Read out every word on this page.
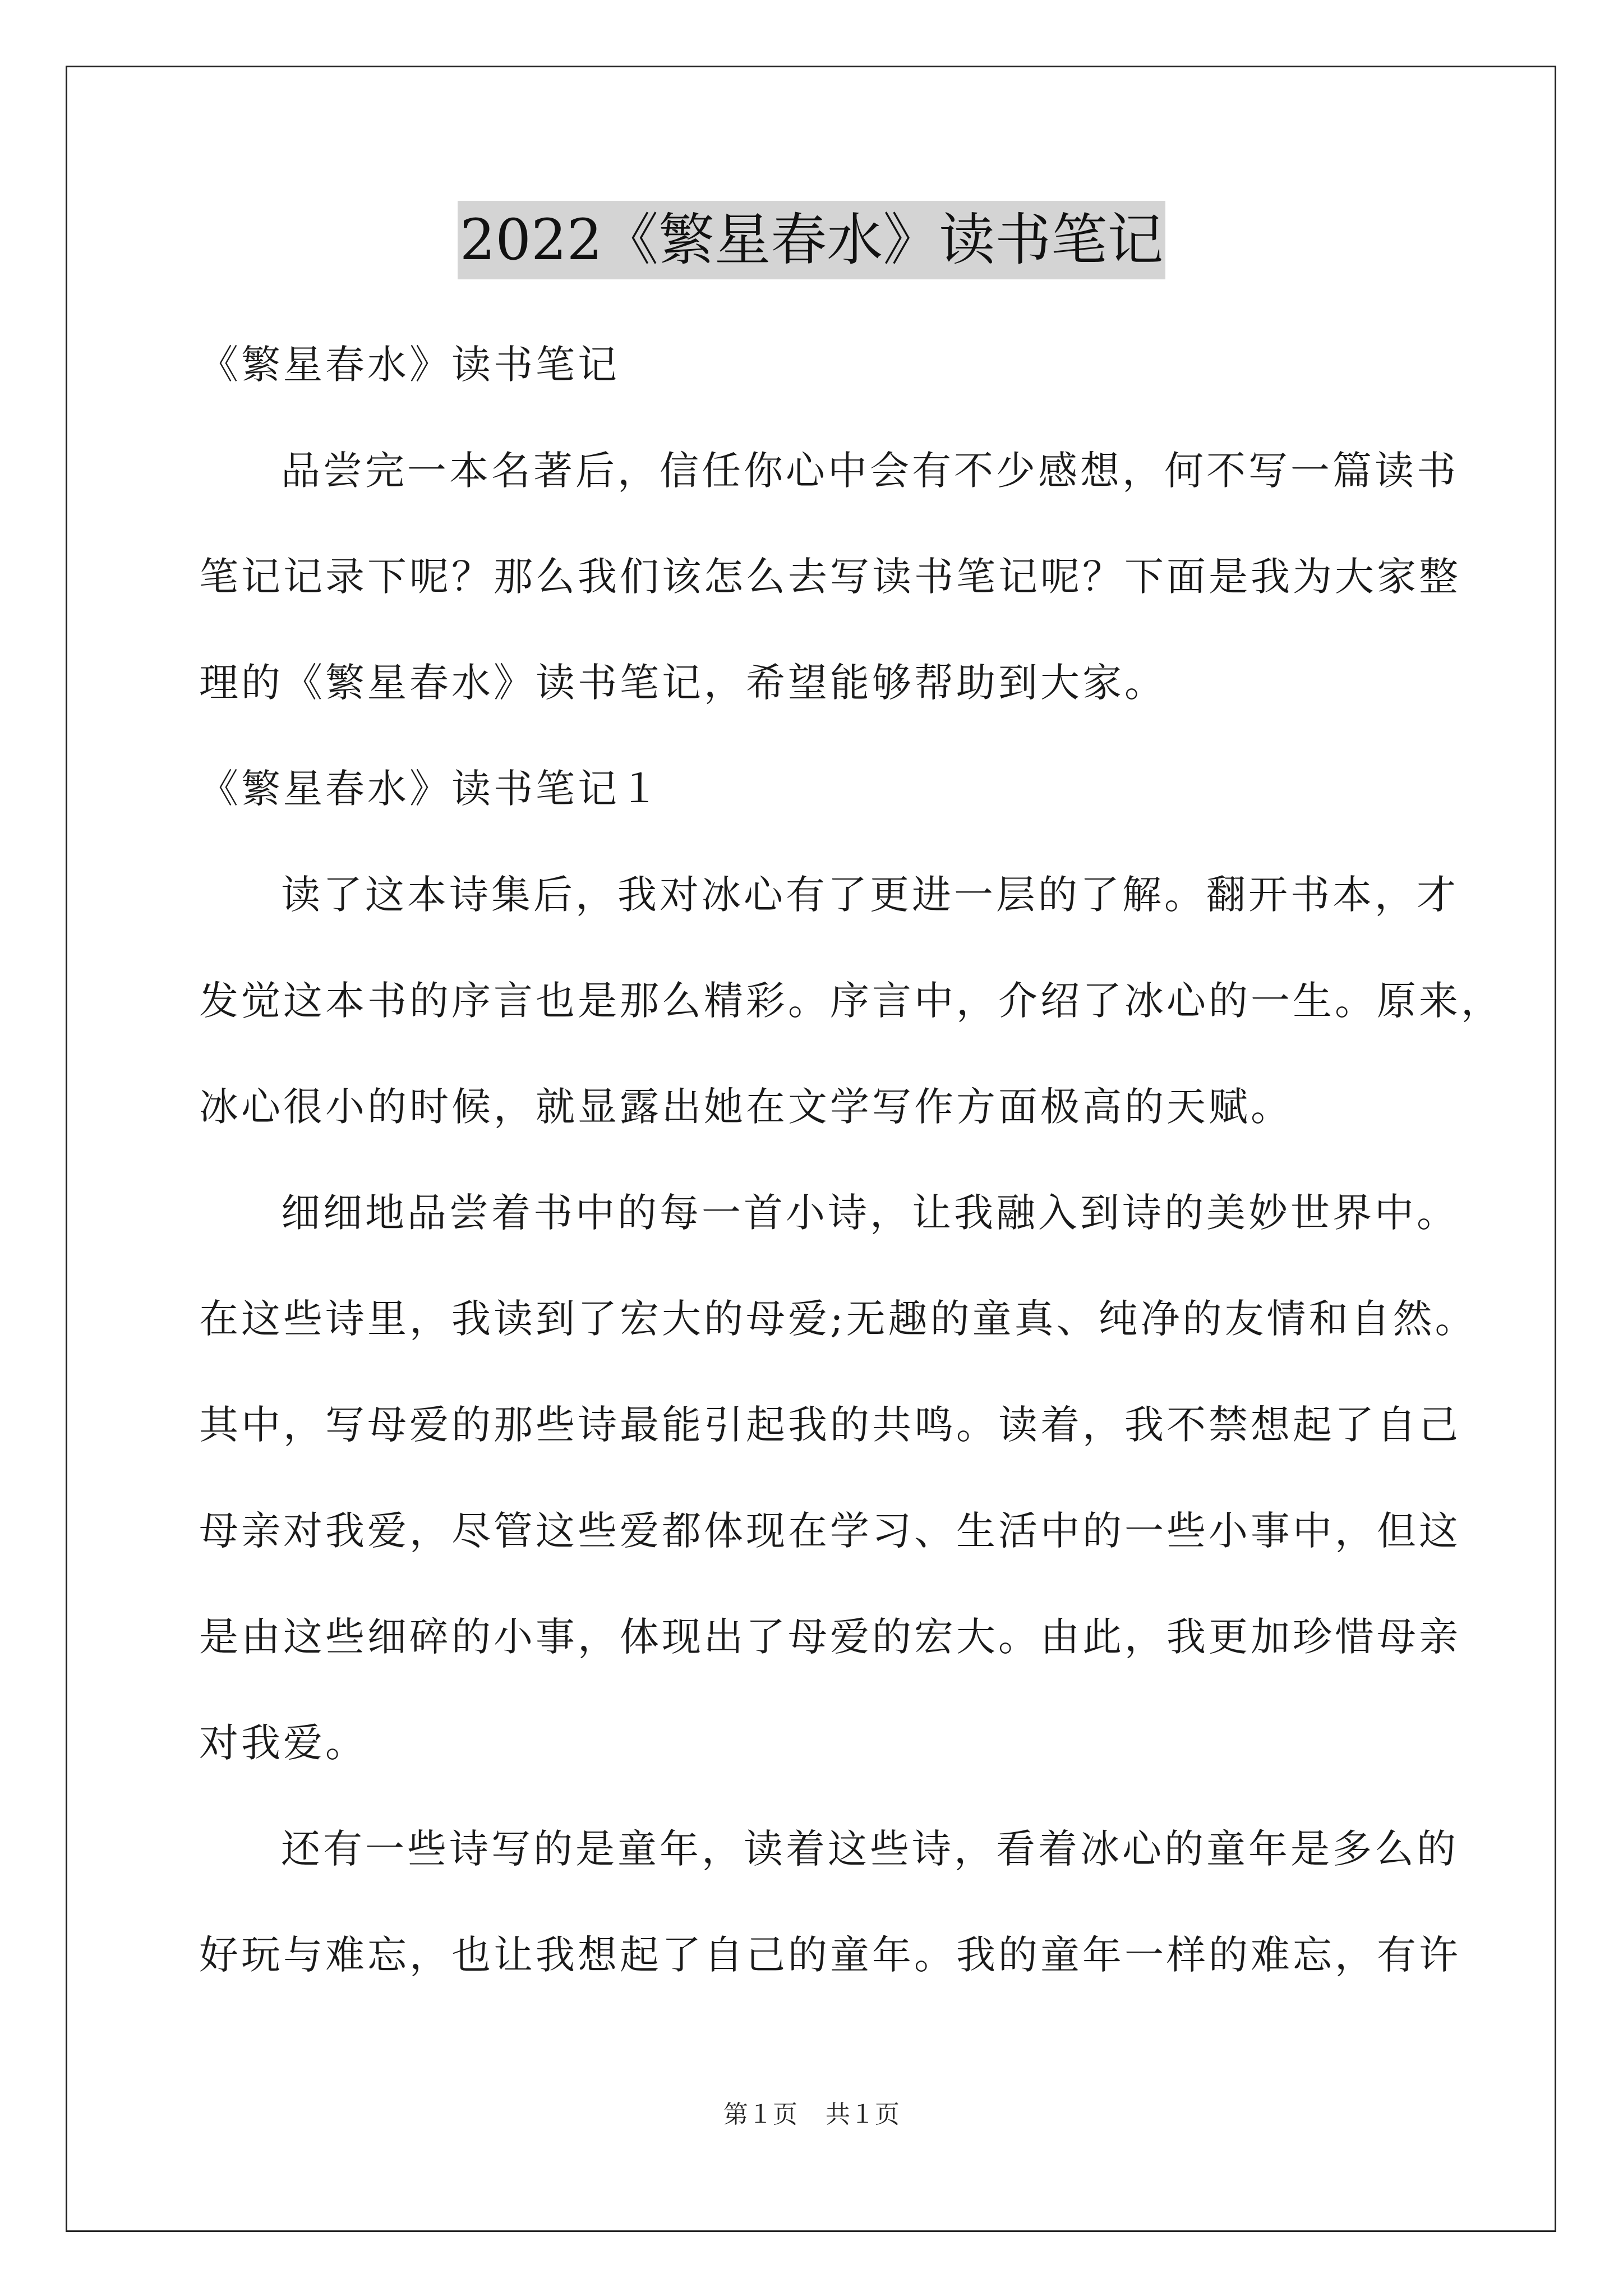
2022《繁星春水》读书笔记
《繁星春水》读书笔记
品尝完一本名著后，信任你心中会有不少感想，何不写一篇读书
笔记记录下呢？那么我们该怎么去写读书笔记呢？下面是我为大家整
理的《繁星春水》读书笔记，希望能够帮助到大家。
《繁星春水》读书笔记１
读了这本诗集后，我对冰心有了更进一层的了解。翻开书本，才
发觉这本书的序言也是那么精彩。序言中，介绍了冰心的一生。原来，
冰心很小的时候，就显露出她在文学写作方面极高的天赋。
细细地品尝着书中的每一首小诗，让我融入到诗的美妙世界中。
在这些诗里，我读到了宏大的母爱;无趣的童真、纯净的友情和自然。
其中，写母爱的那些诗最能引起我的共鸣。读着，我不禁想起了自己
母亲对我爱，尽管这些爱都体现在学习、生活中的一些小事中，但这
是由这些细碎的小事，体现出了母爱的宏大。由此，我更加珍惜母亲
对我爱。
还有一些诗写的是童年，读着这些诗，看着冰心的童年是多么的
好玩与难忘，也让我想起了自己的童年。我的童年一样的难忘，有许
第１页 共１页
